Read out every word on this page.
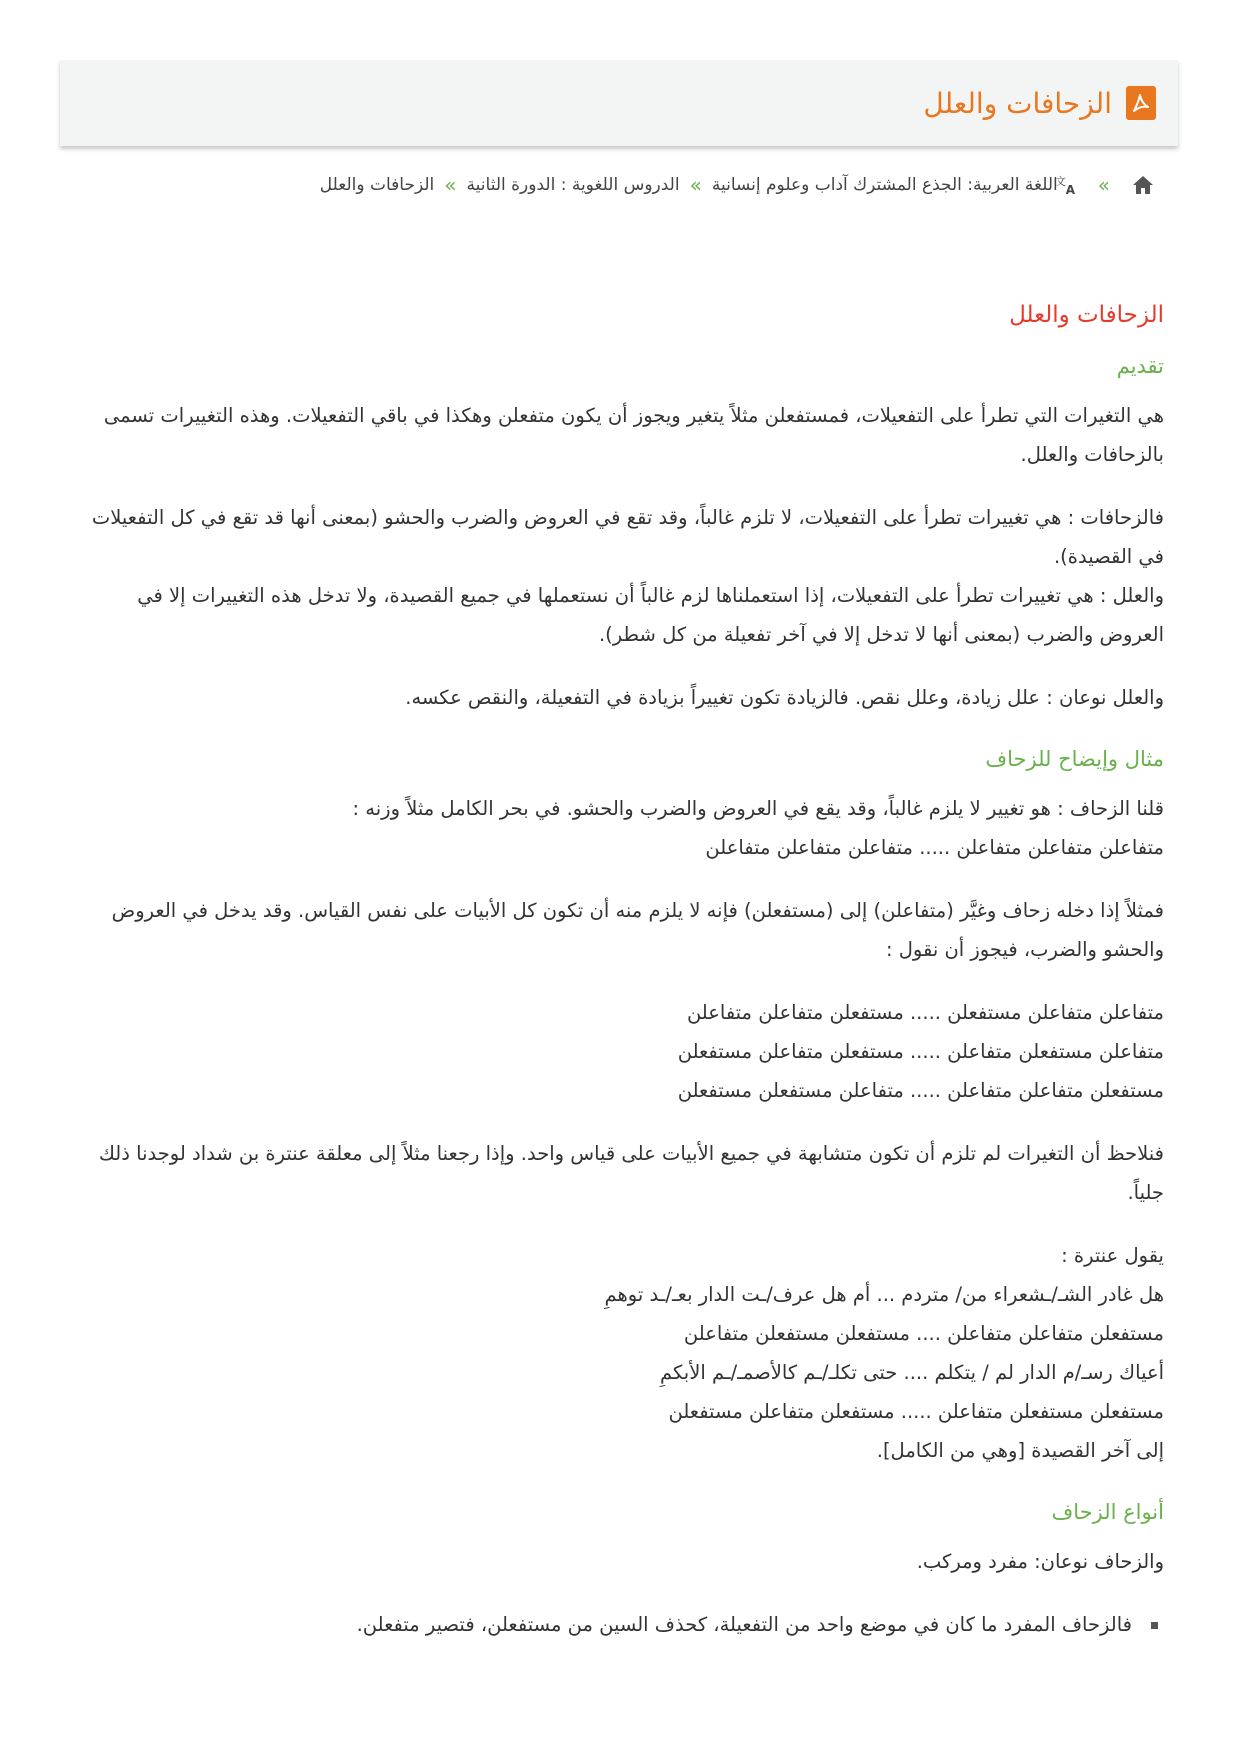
الزحافات والعلل
»
文
A
اللغة العربية: الجذع المشترك آداب وعلوم إنسانية
»
الدروس اللغوية : الدورة الثانية
»
الزحافات والعلل
الزحافات والعلل
تقديم

هي التغيرات التي تطرأ على التفعيلات، فمستفعلن مثلاً يتغير ويجوز أن يكون متفعلن وهكذا في باقي التفعيلات. وهذه التغييرات تسمى بالزحافات والعلل.

فالزحافات : هي تغييرات تطرأ على التفعيلات، لا تلزم غالباً، وقد تقع في العروض والضرب والحشو (بمعنى أنها قد تقع في كل التفعيلات في القصيدة).

والعلل : هي تغييرات تطرأ على التفعيلات، إذا استعملناها لزم غالباً أن نستعملها في جميع القصيدة، ولا تدخل هذه التغييرات إلا في العروض والضرب (بمعنى أنها لا تدخل إلا في آخر تفعيلة من كل شطر).

والعلل نوعان : علل زيادة، وعلل نقص. فالزيادة تكون تغييراً بزيادة في التفعيلة، والنقص عكسه.

مثال وإيضاح للزحاف

قلنا الزحاف : هو تغيير لا يلزم غالباً، وقد يقع في العروض والضرب والحشو. في بحر الكامل مثلاً وزنه :

متفاعلن متفاعلن متفاعلن ..... متفاعلن متفاعلن متفاعلن

فمثلاً إذا دخله زحاف وغيَّر (متفاعلن) إلى (مستفعلن) فإنه لا يلزم منه أن تكون كل الأبيات على نفس القياس. وقد يدخل في العروض والحشو والضرب، فيجوز أن نقول :

متفاعلن متفاعلن مستفعلن ..... مستفعلن متفاعلن متفاعلن
متفاعلن مستفعلن متفاعلن ..... مستفعلن متفاعلن مستفعلن
مستفعلن متفاعلن متفاعلن ..... متفاعلن مستفعلن مستفعلن

فنلاحظ أن التغيرات لم تلزم أن تكون متشابهة في جميع الأبيات على قياس واحد. وإذا رجعنا مثلاً إلى معلقة عنترة بن شداد لوجدنا ذلك جلياً.

يقول عنترة :
هل غادر الشـ/ـشعراء من/ متردم ... أم هل عرف/ـت الدار بعـ/ـد توهمِ
مستفعلن متفاعلن متفاعلن .... مستفعلن مستفعلن متفاعلن
أعياك رسـ/م الدار لم / يتكلم .... حتى تكلـ/ـم كالأصمـ/ـم الأبكمِ
مستفعلن مستفعلن متفاعلن ..... مستفعلن متفاعلن مستفعلن
إلى آخر القصيدة [وهي من الكامل].
أنواع الزحاف

والزحاف نوعان: مفرد ومركب.

فالزحاف المفرد ما كان في موضع واحد من التفعيلة، كحذف السين من مستفعلن، فتصير متفعلن.
